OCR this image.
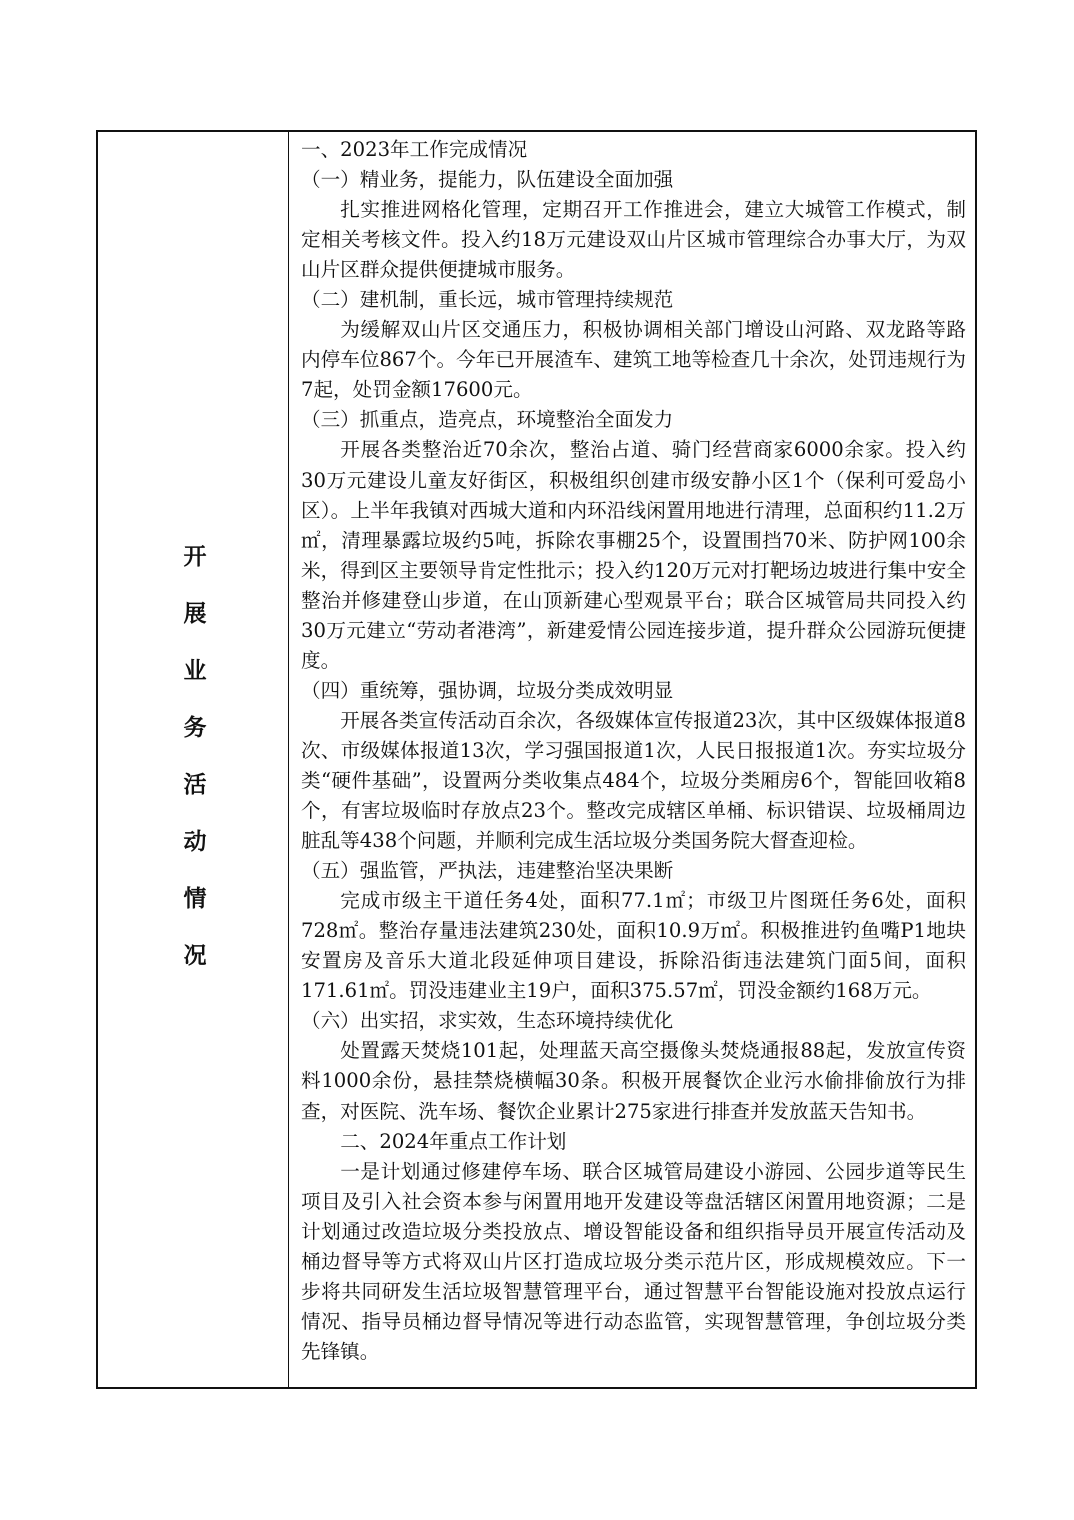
开展业务活动情况

一、2023年工作完成情况

（一）精业务，提能力，队伍建设全面加强

扎实推进网格化管理，定期召开工作推进会，建立大城管工作模式，制定相关考核文件。投入约18万元建设双山片区城市管理综合办事大厅，为双山片区群众提供便捷城市服务。

（二）建机制，重长远，城市管理持续规范

为缓解双山片区交通压力，积极协调相关部门增设山河路、双龙路等路内停车位867个。今年已开展渣车、建筑工地等检查几十余次，处罚违规行为7起，处罚金额17600元。

（三）抓重点，造亮点，环境整治全面发力

开展各类整治近70余次，整治占道、骑门经营商家6000余家。投入约30万元建设儿童友好街区，积极组织创建市级安静小区1个（保利可爱岛小区）。上半年我镇对西城大道和内环沿线闲置用地进行清理，总面积约11.2万㎡，清理暴露垃圾约5吨，拆除农事棚25个，设置围挡70米、防护网100余米，得到区主要领导肯定性批示；投入约120万元对打靶场边坡进行集中安全整治并修建登山步道，在山顶新建心型观景平台；联合区城管局共同投入约30万元建立“劳动者港湾”，新建爱情公园连接步道，提升群众公园游玩便捷度。

（四）重统筹，强协调，垃圾分类成效明显

开展各类宣传活动百余次，各级媒体宣传报道23次，其中区级媒体报道8次、市级媒体报道13次，学习强国报道1次，人民日报报道1次。夯实垃圾分类“硬件基础”，设置两分类收集点484个，垃圾分类厢房6个，智能回收箱8个，有害垃圾临时存放点23个。整改完成辖区单桶、标识错误、垃圾桶周边脏乱等438个问题，并顺利完成生活垃圾分类国务院大督查迎检。

（五）强监管，严执法，违建整治坚决果断

完成市级主干道任务4处，面积77.1㎡；市级卫片图斑任务6处，面积728㎡。整治存量违法建筑230处，面积10.9万㎡。积极推进钓鱼嘴P1地块安置房及音乐大道北段延伸项目建设，拆除沿街违法建筑门面5间，面积171.61㎡。罚没违建业主19户，面积375.57㎡，罚没金额约168万元。

（六）出实招，求实效，生态环境持续优化

处置露天焚烧101起，处理蓝天高空摄像头焚烧通报88起，发放宣传资料1000余份，悬挂禁烧横幅30条。积极开展餐饮企业污水偷排偷放行为排查，对医院、洗车场、餐饮企业累计275家进行排查并发放蓝天告知书。

二、2024年重点工作计划

一是计划通过修建停车场、联合区城管局建设小游园、公园步道等民生项目及引入社会资本参与闲置用地开发建设等盘活辖区闲置用地资源；二是计划通过改造垃圾分类投放点、增设智能设备和组织指导员开展宣传活动及桶边督导等方式将双山片区打造成垃圾分类示范片区，形成规模效应。下一步将共同研发生活垃圾智慧管理平台，通过智慧平台智能设施对投放点运行情况、指导员桶边督导情况等进行动态监管，实现智慧管理，争创垃圾分类先锋镇。
